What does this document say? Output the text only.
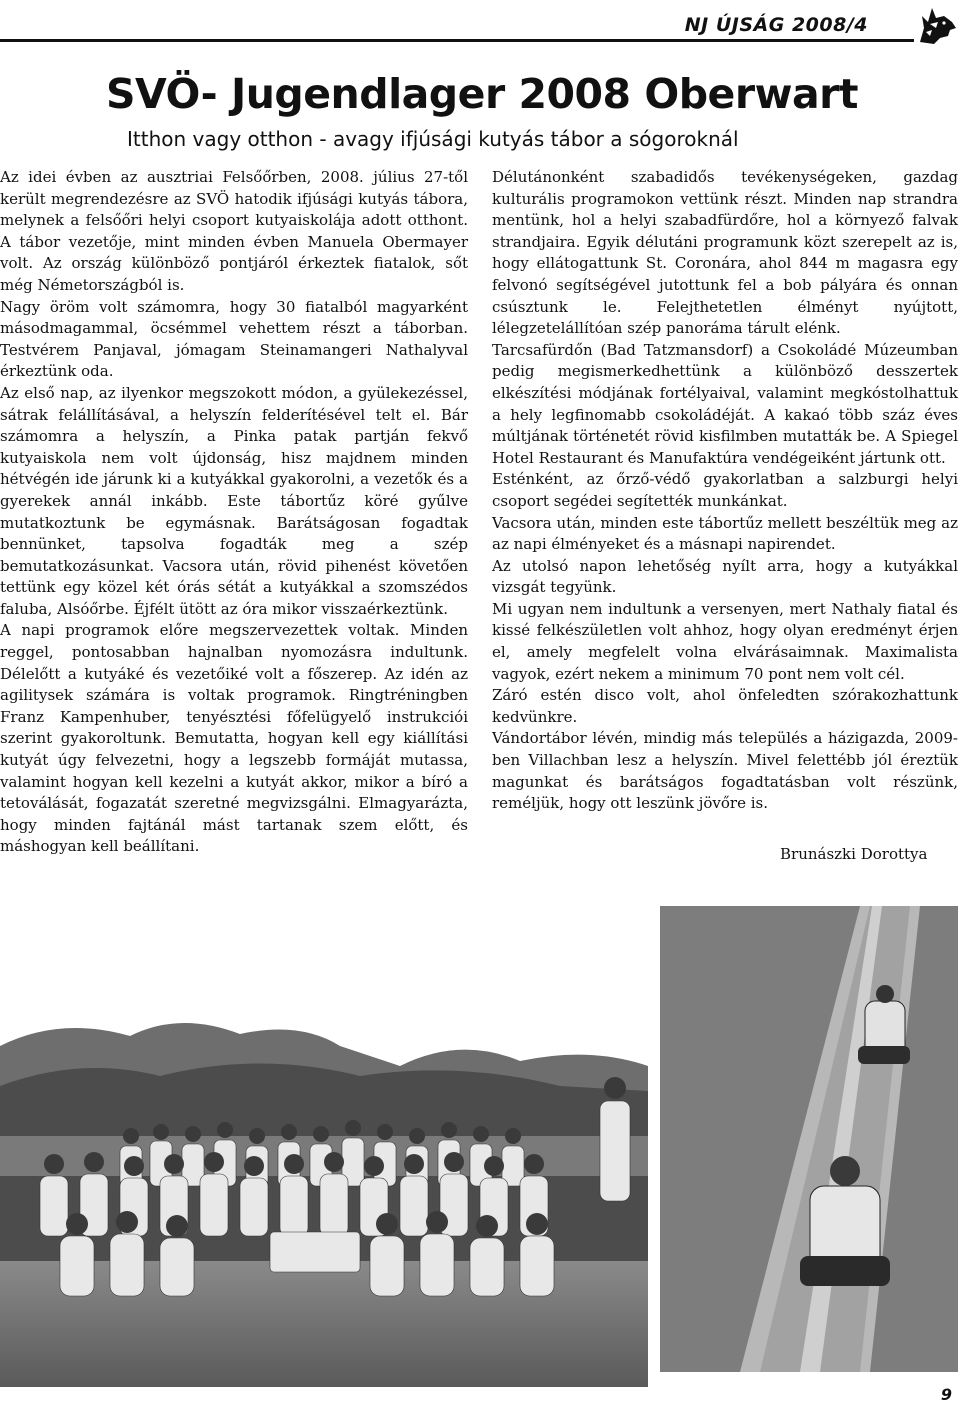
NJ ÚJSÁG 2008/4
SVÖ- Jugendlager 2008 Oberwart
Itthon vagy otthon - avagy ifjúsági kutyás tábor a sógoroknál

Az idei évben az ausztriai Felsőőrben, 2008. július 27-től került megrendezésre az SVÖ hatodik ifjúsági kutyás tábora, melynek a felsőőri helyi csoport kutyaiskolája adott otthont. A tábor vezetője, mint minden évben Manuela Obermayer volt. Az ország különböző pontjáról érkeztek fiatalok, sőt még Németországból is.

Nagy öröm volt számomra, hogy 30 fiatalból magyarként másodmagammal, öcsémmel vehettem részt a táborban. Testvérem Panjaval, jómagam Steinamangeri Nathalyval érkeztünk oda.

Az első nap, az ilyenkor megszokott módon, a gyülekezéssel, sátrak felállításával, a helyszín felderítésével telt el. Bár számomra a helyszín, a Pinka patak partján fekvő kutyaiskola nem volt újdonság, hisz majdnem minden hétvégén ide járunk ki a kutyákkal gyakorolni, a vezetők és a gyerekek annál inkább. Este tábortűz köré gyűlve mutatkoztunk be egymásnak. Barátságosan fogadtak bennünket, tapsolva fogadták meg a szép bemutatkozásunkat. Vacsora után, rövid pihenést követően tettünk egy közel két órás sétát a kutyákkal a szomszédos faluba, Alsóőrbe. Éjfélt ütött az óra mikor visszaérkeztünk.

A napi programok előre megszervezettek voltak. Minden reggel, pontosabban hajnalban nyomozásra indultunk. Délelőtt a kutyáké és vezetőiké volt a főszerep. Az idén az agilitysek számára is voltak programok. Ringtréningben Franz Kampenhuber, tenyésztési főfelügyelő instrukciói szerint gyakoroltunk. Bemutatta, hogyan kell egy kiállítási kutyát úgy felvezetni, hogy a legszebb formáját mutassa, valamint hogyan kell kezelni a kutyát akkor, mikor a bíró a tetoválását, fogazatát szeretné megvizsgálni. Elmagyarázta, hogy minden fajtánál mást tartanak szem előtt, és máshogyan kell beállítani.

Délutánonként szabadidős tevékenységeken, gazdag kulturális programokon vettünk részt. Minden nap strandra mentünk, hol a helyi szabadfürdőre, hol a környező falvak strandjaira. Egyik délutáni programunk közt szerepelt az is, hogy ellátogattunk St. Coronára, ahol 844 m magasra egy felvonó segítségével jutottunk fel a bob pályára és onnan csúsztunk le. Felejthetetlen élményt nyújtott, lélegzetelállítóan szép panoráma tárult elénk.

Tarcsafürdőn (Bad Tatzmansdorf) a Csokoládé Múzeumban pedig megismerkedhettünk a különböző desszertek elkészítési módjának fortélyaival, valamint megkóstolhattuk a hely legfinomabb csokoládéját. A kakaó több száz éves múltjának történetét rövid kisfilmben mutatták be. A Spiegel Hotel Restaurant és Manufaktúra vendégeiként jártunk ott.

Esténként, az őrző-védő gyakorlatban a salzburgi helyi csoport segédei segítették munkánkat.

Vacsora után, minden este tábortűz mellett beszéltük meg az az napi élményeket és a másnapi napirendet.

Az utolsó napon lehetőség nyílt arra, hogy a kutyákkal vizsgát tegyünk.

Mi ugyan nem indultunk a versenyen, mert Nathaly fiatal és kissé felkészületlen volt ahhoz, hogy olyan eredményt érjen el, amely megfelelt volna elvárásaimnak. Maximalista vagyok, ezért nekem a minimum 70 pont nem volt cél.

Záró estén disco volt, ahol önfeledten szórakozhattunk kedvünkre.

Vándortábor lévén, mindig más település a házigazda, 2009-ben Villachban lesz a helyszín. Mivel felettébb jól éreztük magunkat és barátságos fogadtatásban volt részünk, reméljük, hogy ott leszünk jövőre is.

Brunászki Dorottya
9
